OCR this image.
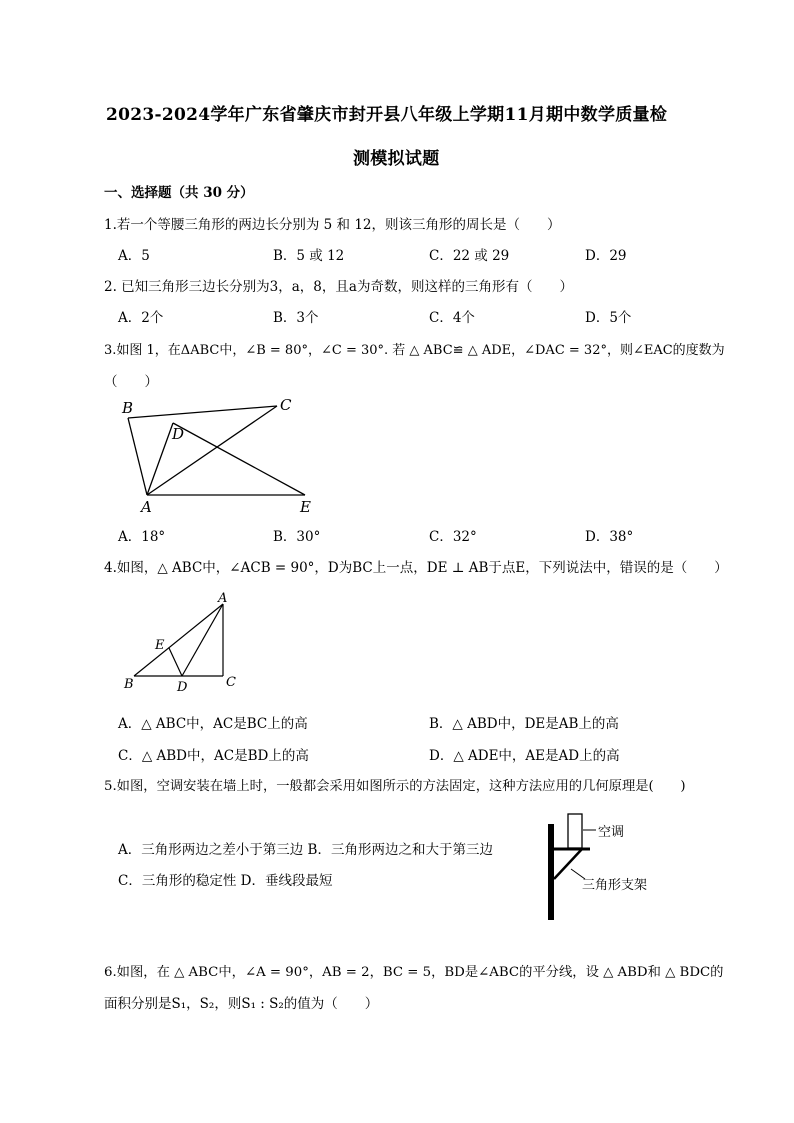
2023-2024学年广东省肇庆市封开县八年级上学期11月期中数学质量检
测模拟试题
一、选择题（共 30 分）
1.若一个等腰三角形的两边长分别为 5 和 12，则该三角形的周长是（　　）
A．5	B．5 或 12	C．22 或 29	D．29
2. 已知三角形三边长分别为3，a，8，且a为奇数，则这样的三角形有（　　）
A．2个	B．3个	C．4个	D．5个
3.如图 1，在ΔABC中，∠B = 80°，∠C = 30°. 若 △ ABC≌ △ ADE，∠DAC = 32°，则∠EAC的度数为
（　　）
B	C
D
A	E
A．18°	B．30°	C．32°	D．38°
4.如图，△ ABC中，∠ACB = 90°，D为BC上一点，DE ⊥ AB于点E，下列说法中，错误的是（　　）
A
E
B	D	C
A．△ ABC中，AC是BC上的高	B．△ ABD中，DE是AB上的高
C．△ ABD中，AC是BD上的高	D．△ ADE中，AE是AD上的高
5.如图，空调安装在墙上时，一般都会采用如图所示的方法固定，这种方法应用的几何原理是(　　)
A．三角形两边之差小于第三边 B．三角形两边之和大于第三边
C．三角形的稳定性 D．垂线段最短
空调
三角形支架
6.如图，在 △ ABC中，∠A = 90°，AB = 2，BC = 5，BD是∠ABC的平分线，设 △ ABD和 △ BDC的
面积分别是S₁，S₂，则S₁ : S₂的值为（　　）
